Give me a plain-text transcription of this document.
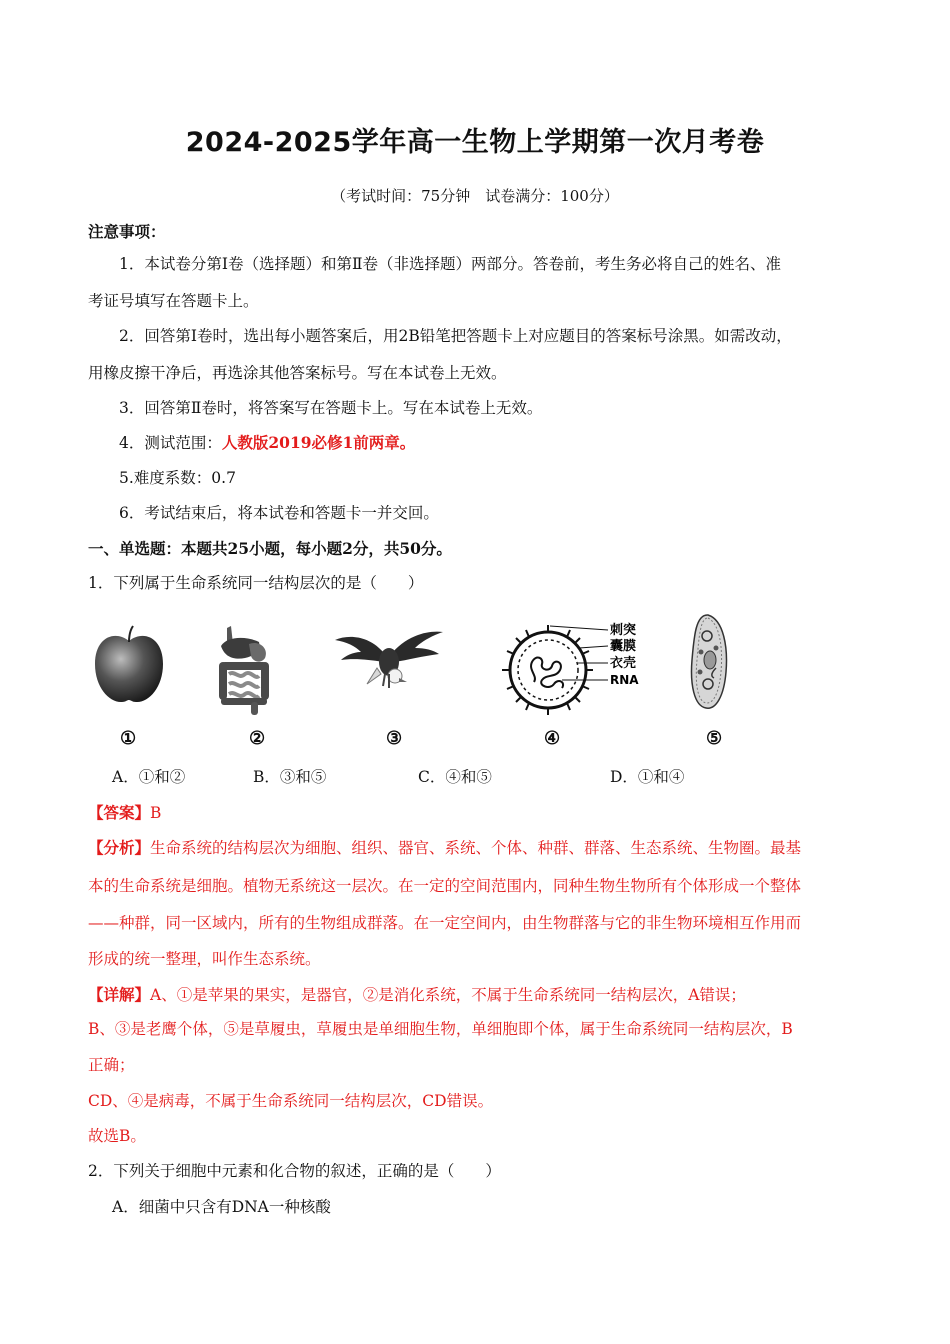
2024-2025学年高一生物上学期第一次月考卷
（考试时间：75分钟　试卷满分：100分）
注意事项：
1．本试卷分第Ⅰ卷（选择题）和第Ⅱ卷（非选择题）两部分。答卷前，考生务必将自己的姓名、准
考证号填写在答题卡上。
2．回答第Ⅰ卷时，选出每小题答案后，用2B铅笔把答题卡上对应题目的答案标号涂黑。如需改动，
用橡皮擦干净后，再选涂其他答案标号。写在本试卷上无效。
3．回答第Ⅱ卷时，将答案写在答题卡上。写在本试卷上无效。
4．测试范围：人教版2019必修1前两章。
5.难度系数：0.7
6．考试结束后，将本试卷和答题卡一并交回。
一、单选题：本题共25小题，每小题2分，共50分。
1．下列属于生命系统同一结构层次的是（　　）
刺突
囊膜
衣壳
RNA
①	②	③	④	⑤
A．①和②	B．③和⑤	C．④和⑤	D．①和④
【答案】B
【分析】生命系统的结构层次为细胞、组织、器官、系统、个体、种群、群落、生态系统、生物圈。最基
本的生命系统是细胞。植物无系统这一层次。在一定的空间范围内，同种生物生物所有个体形成一个整体
——种群，同一区域内，所有的生物组成群落。在一定空间内，由生物群落与它的非生物环境相互作用而
形成的统一整理，叫作生态系统。
【详解】A、①是苹果的果实，是器官，②是消化系统，不属于生命系统同一结构层次，A错误；
B、③是老鹰个体，⑤是草履虫，草履虫是单细胞生物，单细胞即个体，属于生命系统同一结构层次，B
正确；
CD、④是病毒，不属于生命系统同一结构层次，CD错误。
故选B。
2．下列关于细胞中元素和化合物的叙述，正确的是（　　）
A．细菌中只含有DNA一种核酸
